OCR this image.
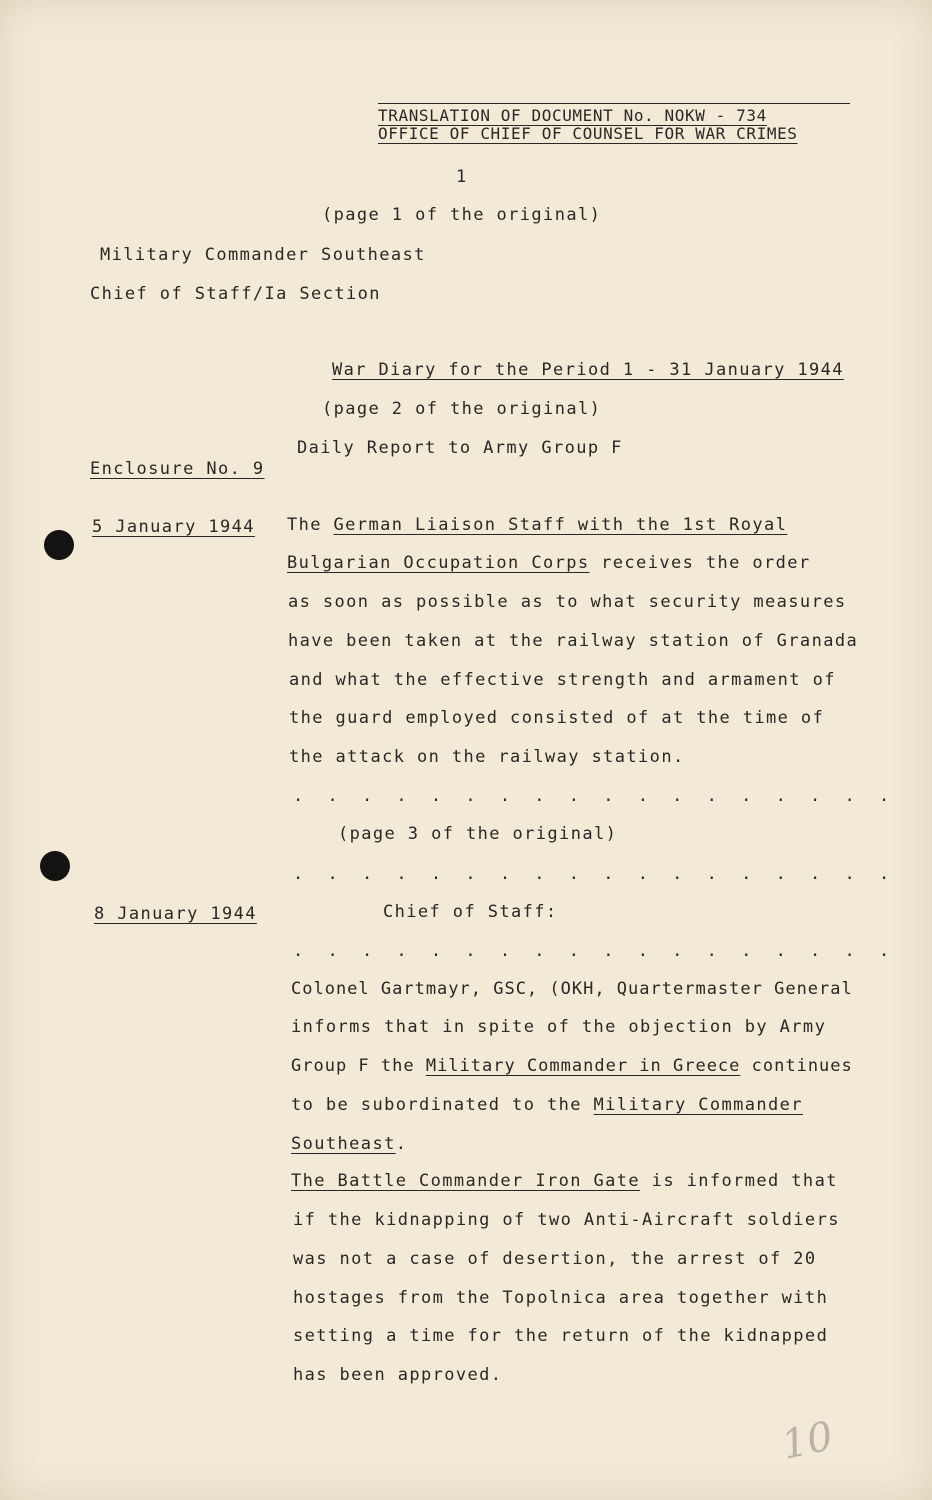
TRANSLATION OF DOCUMENT No. NOKW - 734
OFFICE OF CHIEF OF COUNSEL FOR WAR CRIMES
1
(page 1 of the original)
Military Commander Southeast
Chief of Staff/Ia Section
War Diary for the Period 1 - 31 January 1944
(page 2 of the original)
Daily Report to Army Group F
Enclosure No. 9
5 January 1944 The German Liaison Staff with the 1st Royal
Bulgarian Occupation Corps receives the order
as soon as possible as to what security measures
have been taken at the railway station of Granada
and what the effective strength and armament of
the guard employed consisted of at the time of
the attack on the railway station.
. . . . . . . . . . . . . . . . . .
(page 3 of the original)
. . . . . . . . . . . . . . . . . .
8 January 1944	Chief of Staff:
. . . . . . . . . . . . . . . . . .
Colonel Gartmayr, GSC, (OKH, Quartermaster General
informs that in spite of the objection by Army
Group F the Military Commander in Greece continues
to be subordinated to the Military Commander
Southeast.
The Battle Commander Iron Gate is informed that
if the kidnapping of two Anti-Aircraft soldiers
was not a case of desertion, the arrest of 20
hostages from the Topolnica area together with
setting a time for the return of the kidnapped
has been approved.
10
